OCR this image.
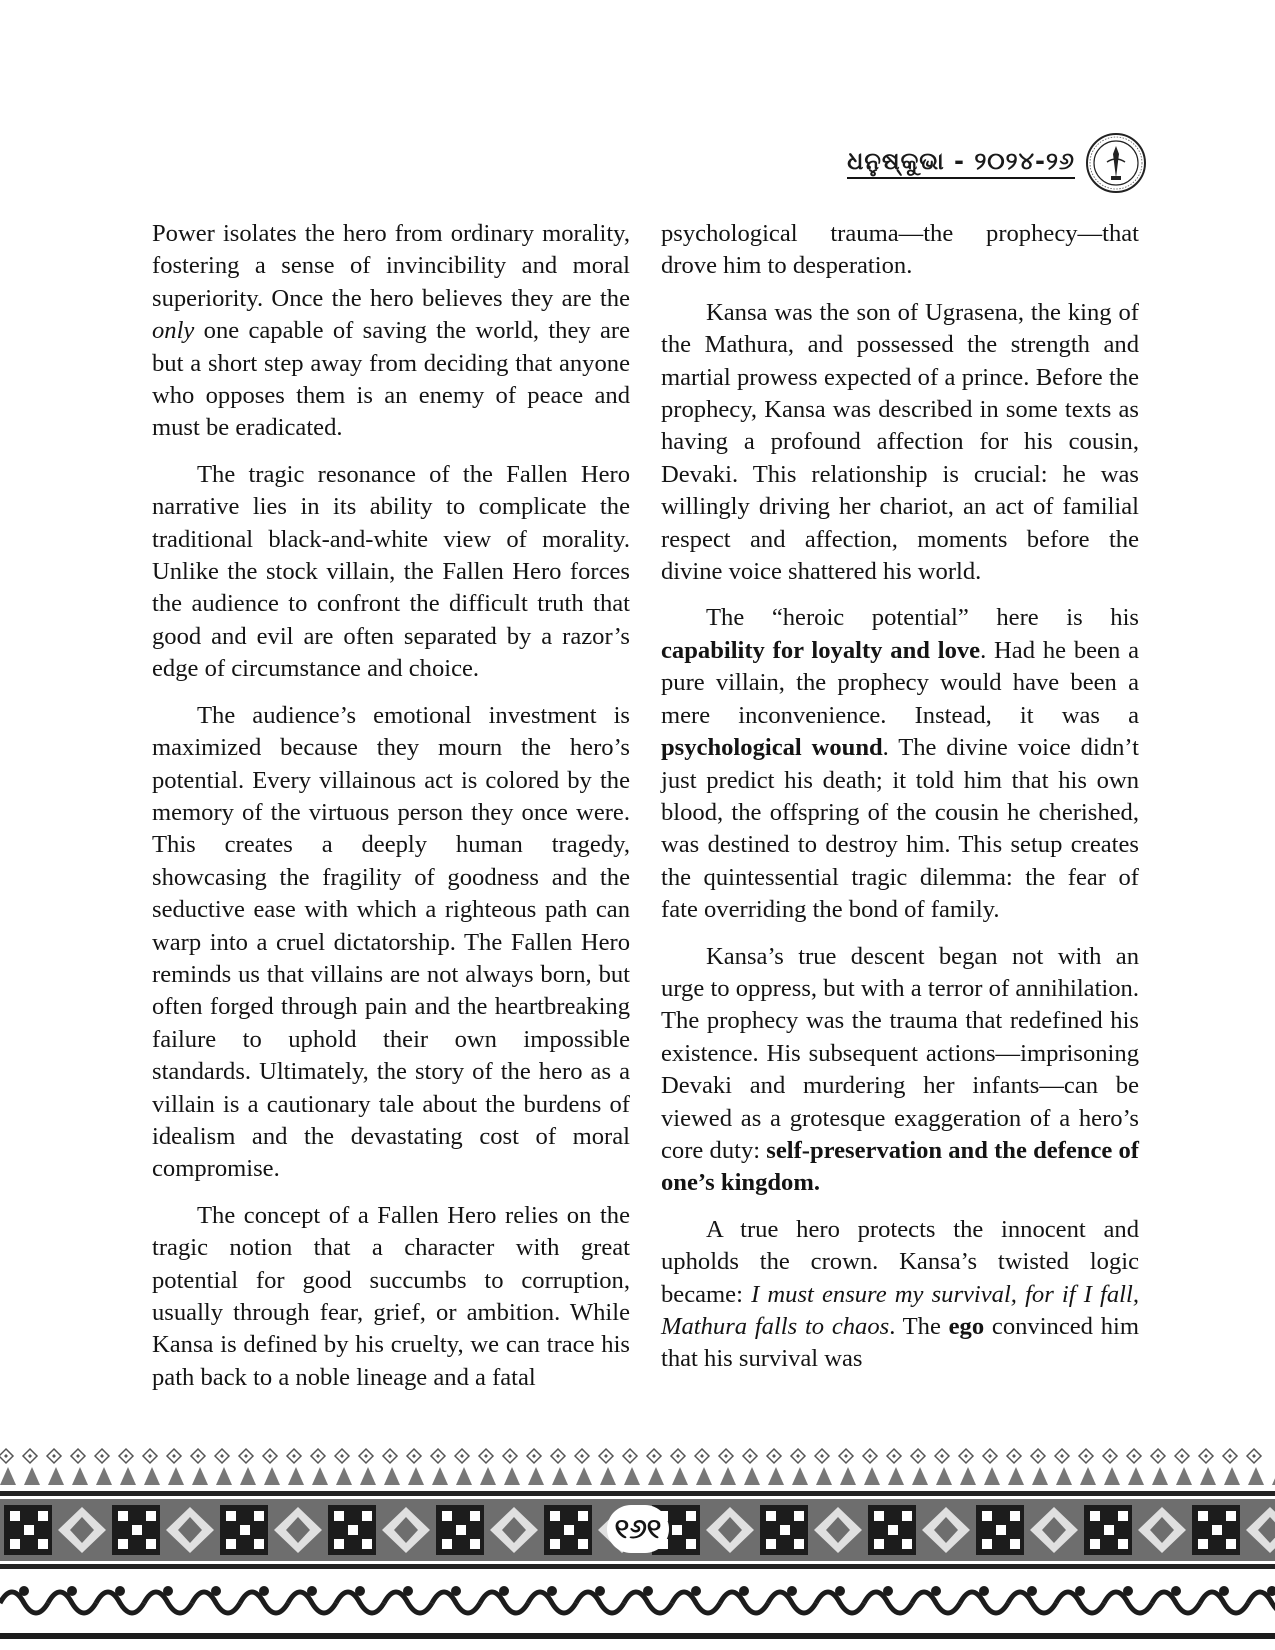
ଧନୁଷ୍କୁଭା - ୨୦୨୪-୨୬

Power isolates the hero from ordinary morality, fostering a sense of invincibility and moral superiority. Once the hero believes they are the only one capable of saving the world, they are but a short step away from deciding that anyone who opposes them is an enemy of peace and must be eradicated.

The tragic resonance of the Fallen Hero narrative lies in its ability to complicate the traditional black-and-white view of morality. Unlike the stock villain, the Fallen Hero forces the audience to confront the difficult truth that good and evil are often separated by a razor’s edge of circumstance and choice.

The audience’s emotional investment is maximized because they mourn the hero’s potential. Every villainous act is colored by the memory of the virtuous person they once were. This creates a deeply human tragedy, showcasing the fragility of goodness and the seductive ease with which a righteous path can warp into a cruel dictatorship. The Fallen Hero reminds us that villains are not always born, but often forged through pain and the heartbreaking failure to uphold their own impossible standards. Ultimately, the story of the hero as a villain is a cautionary tale about the burdens of idealism and the devastating cost of moral compromise.

The concept of a Fallen Hero relies on the tragic notion that a character with great potential for good succumbs to corruption, usually through fear, grief, or ambition. While Kansa is defined by his cruelty, we can trace his path back to a noble lineage and a fatal

psychological trauma—the prophecy—that drove him to desperation.

Kansa was the son of Ugrasena, the king of the Mathura, and possessed the strength and martial prowess expected of a prince. Before the prophecy, Kansa was described in some texts as having a profound affection for his cousin, Devaki. This relationship is crucial: he was willingly driving her chariot, an act of familial respect and affection, moments before the divine voice shattered his world.

The “heroic potential” here is his capability for loyalty and love. Had he been a pure villain, the prophecy would have been a mere inconvenience. Instead, it was a psychological wound. The divine voice didn’t just predict his death; it told him that his own blood, the offspring of the cousin he cherished, was destined to destroy him. This setup creates the quintessential tragic dilemma: the fear of fate overriding the bond of family.

Kansa’s true descent began not with an urge to oppress, but with a terror of annihilation. The prophecy was the trauma that redefined his existence. His subsequent actions—imprisoning Devaki and murdering her infants—can be viewed as a grotesque exaggeration of a hero’s core duty: self-preservation and the defence of one’s kingdom.

A true hero protects the innocent and upholds the crown. Kansa’s twisted logic became: I must ensure my survival, for if I fall, Mathura falls to chaos. The ego convinced him that his survival was

୧୬୧
